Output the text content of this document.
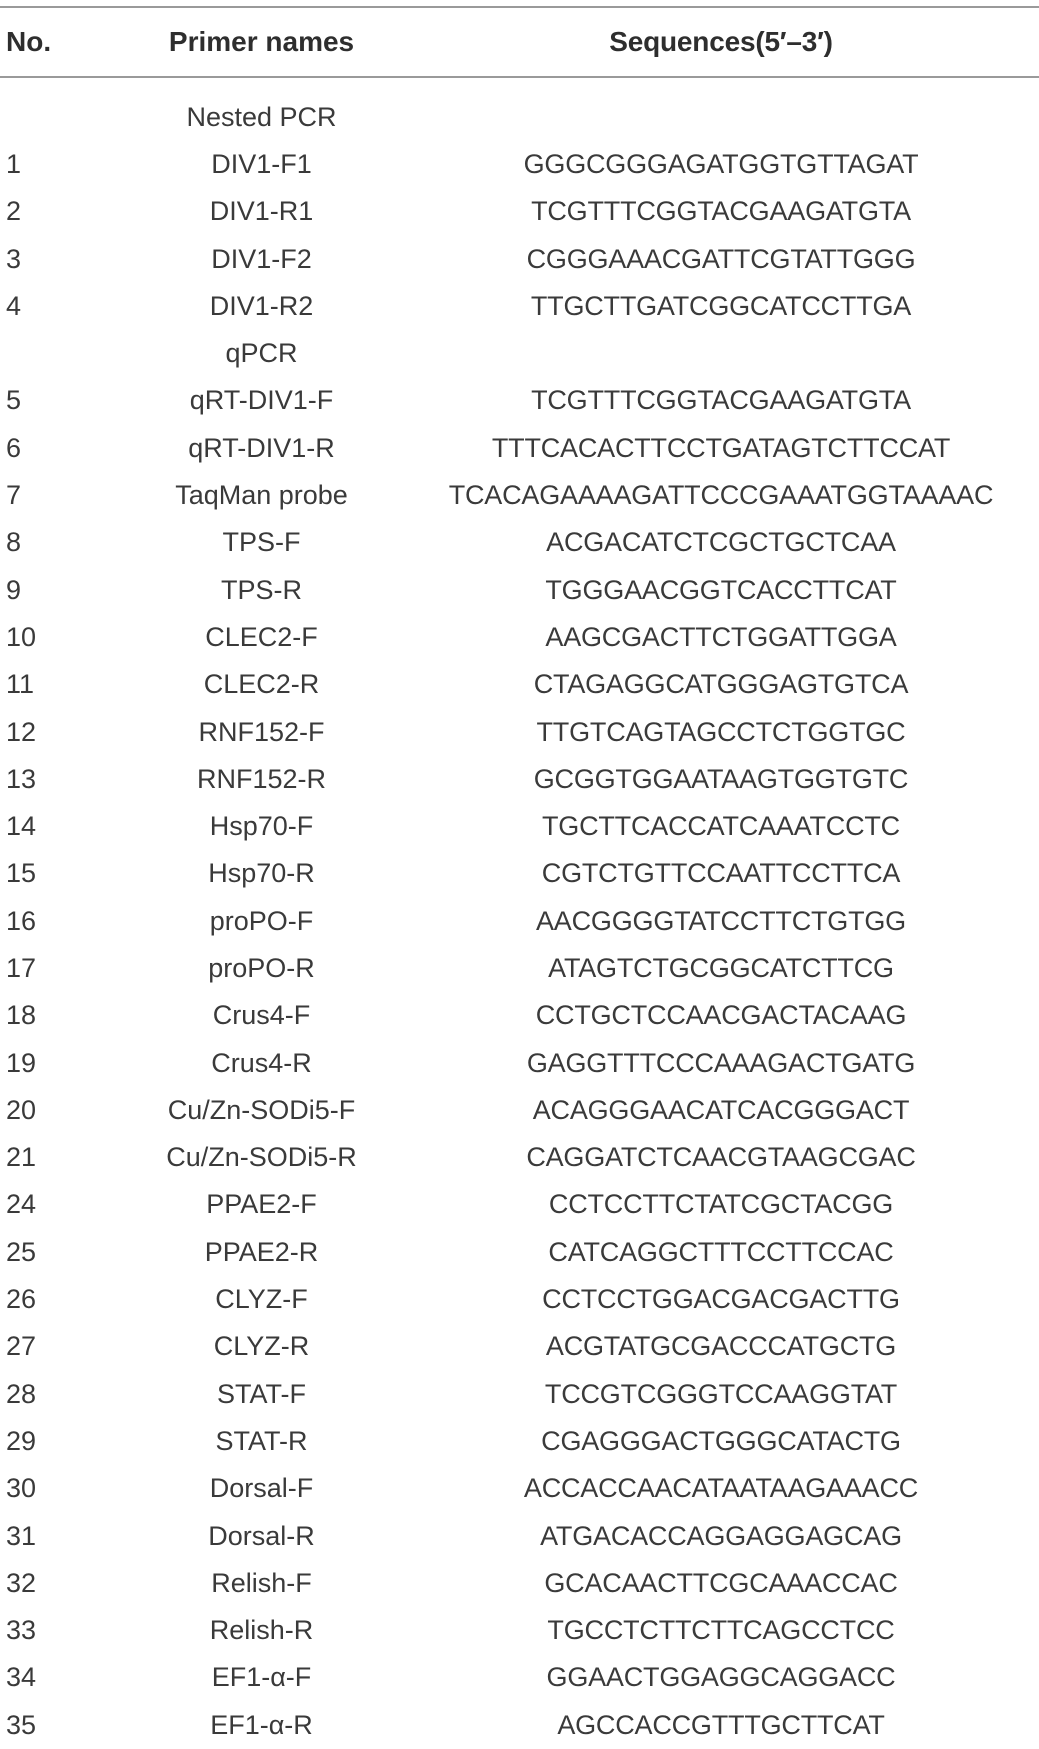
No.	Primer names	Sequences(5′–3′)
Nested PCR
1	DIV1-F1	GGGCGGGAGATGGTGTTAGAT
2	DIV1-R1	TCGTTTCGGTACGAAGATGTA
3	DIV1-F2	CGGGAAACGATTCGTATTGGG
4	DIV1-R2	TTGCTTGATCGGCATCCTTGA
qPCR
5	qRT-DIV1-F	TCGTTTCGGTACGAAGATGTA
6	qRT-DIV1-R	TTTCACACTTCCTGATAGTCTTCCAT
7	TaqMan probe	TCACAGAAAAGATTCCCGAAATGGTAAAAC
8	TPS-F	ACGACATCTCGCTGCTCAA
9	TPS-R	TGGGAACGGTCACCTTCAT
10	CLEC2-F	AAGCGACTTCTGGATTGGA
11	CLEC2-R	CTAGAGGCATGGGAGTGTCA
12	RNF152-F	TTGTCAGTAGCCTCTGGTGC
13	RNF152-R	GCGGTGGAATAAGTGGTGTC
14	Hsp70-F	TGCTTCACCATCAAATCCTC
15	Hsp70-R	CGTCTGTTCCAATTCCTTCA
16	proPO-F	AACGGGGTATCCTTCTGTGG
17	proPO-R	ATAGTCTGCGGCATCTTCG
18	Crus4-F	CCTGCTCCAACGACTACAAG
19	Crus4-R	GAGGTTTCCCAAAGACTGATG
20	Cu/Zn-SODi5-F	ACAGGGAACATCACGGGACT
21	Cu/Zn-SODi5-R	CAGGATCTCAACGTAAGCGAC
24	PPAE2-F	CCTCCTTCTATCGCTACGG
25	PPAE2-R	CATCAGGCTTTCCTTCCAC
26	CLYZ-F	CCTCCTGGACGACGACTTG
27	CLYZ-R	ACGTATGCGACCCATGCTG
28	STAT-F	TCCGTCGGGTCCAAGGTAT
29	STAT-R	CGAGGGACTGGGCATACTG
30	Dorsal-F	ACCACCAACATAATAAGAAACC
31	Dorsal-R	ATGACACCAGGAGGAGCAG
32	Relish-F	GCACAACTTCGCAAACCAC
33	Relish-R	TGCCTCTTCTTCAGCCTCC
34	EF1-α-F	GGAACTGGAGGCAGGACC
35	EF1-α-R	AGCCACCGTTTGCTTCAT
